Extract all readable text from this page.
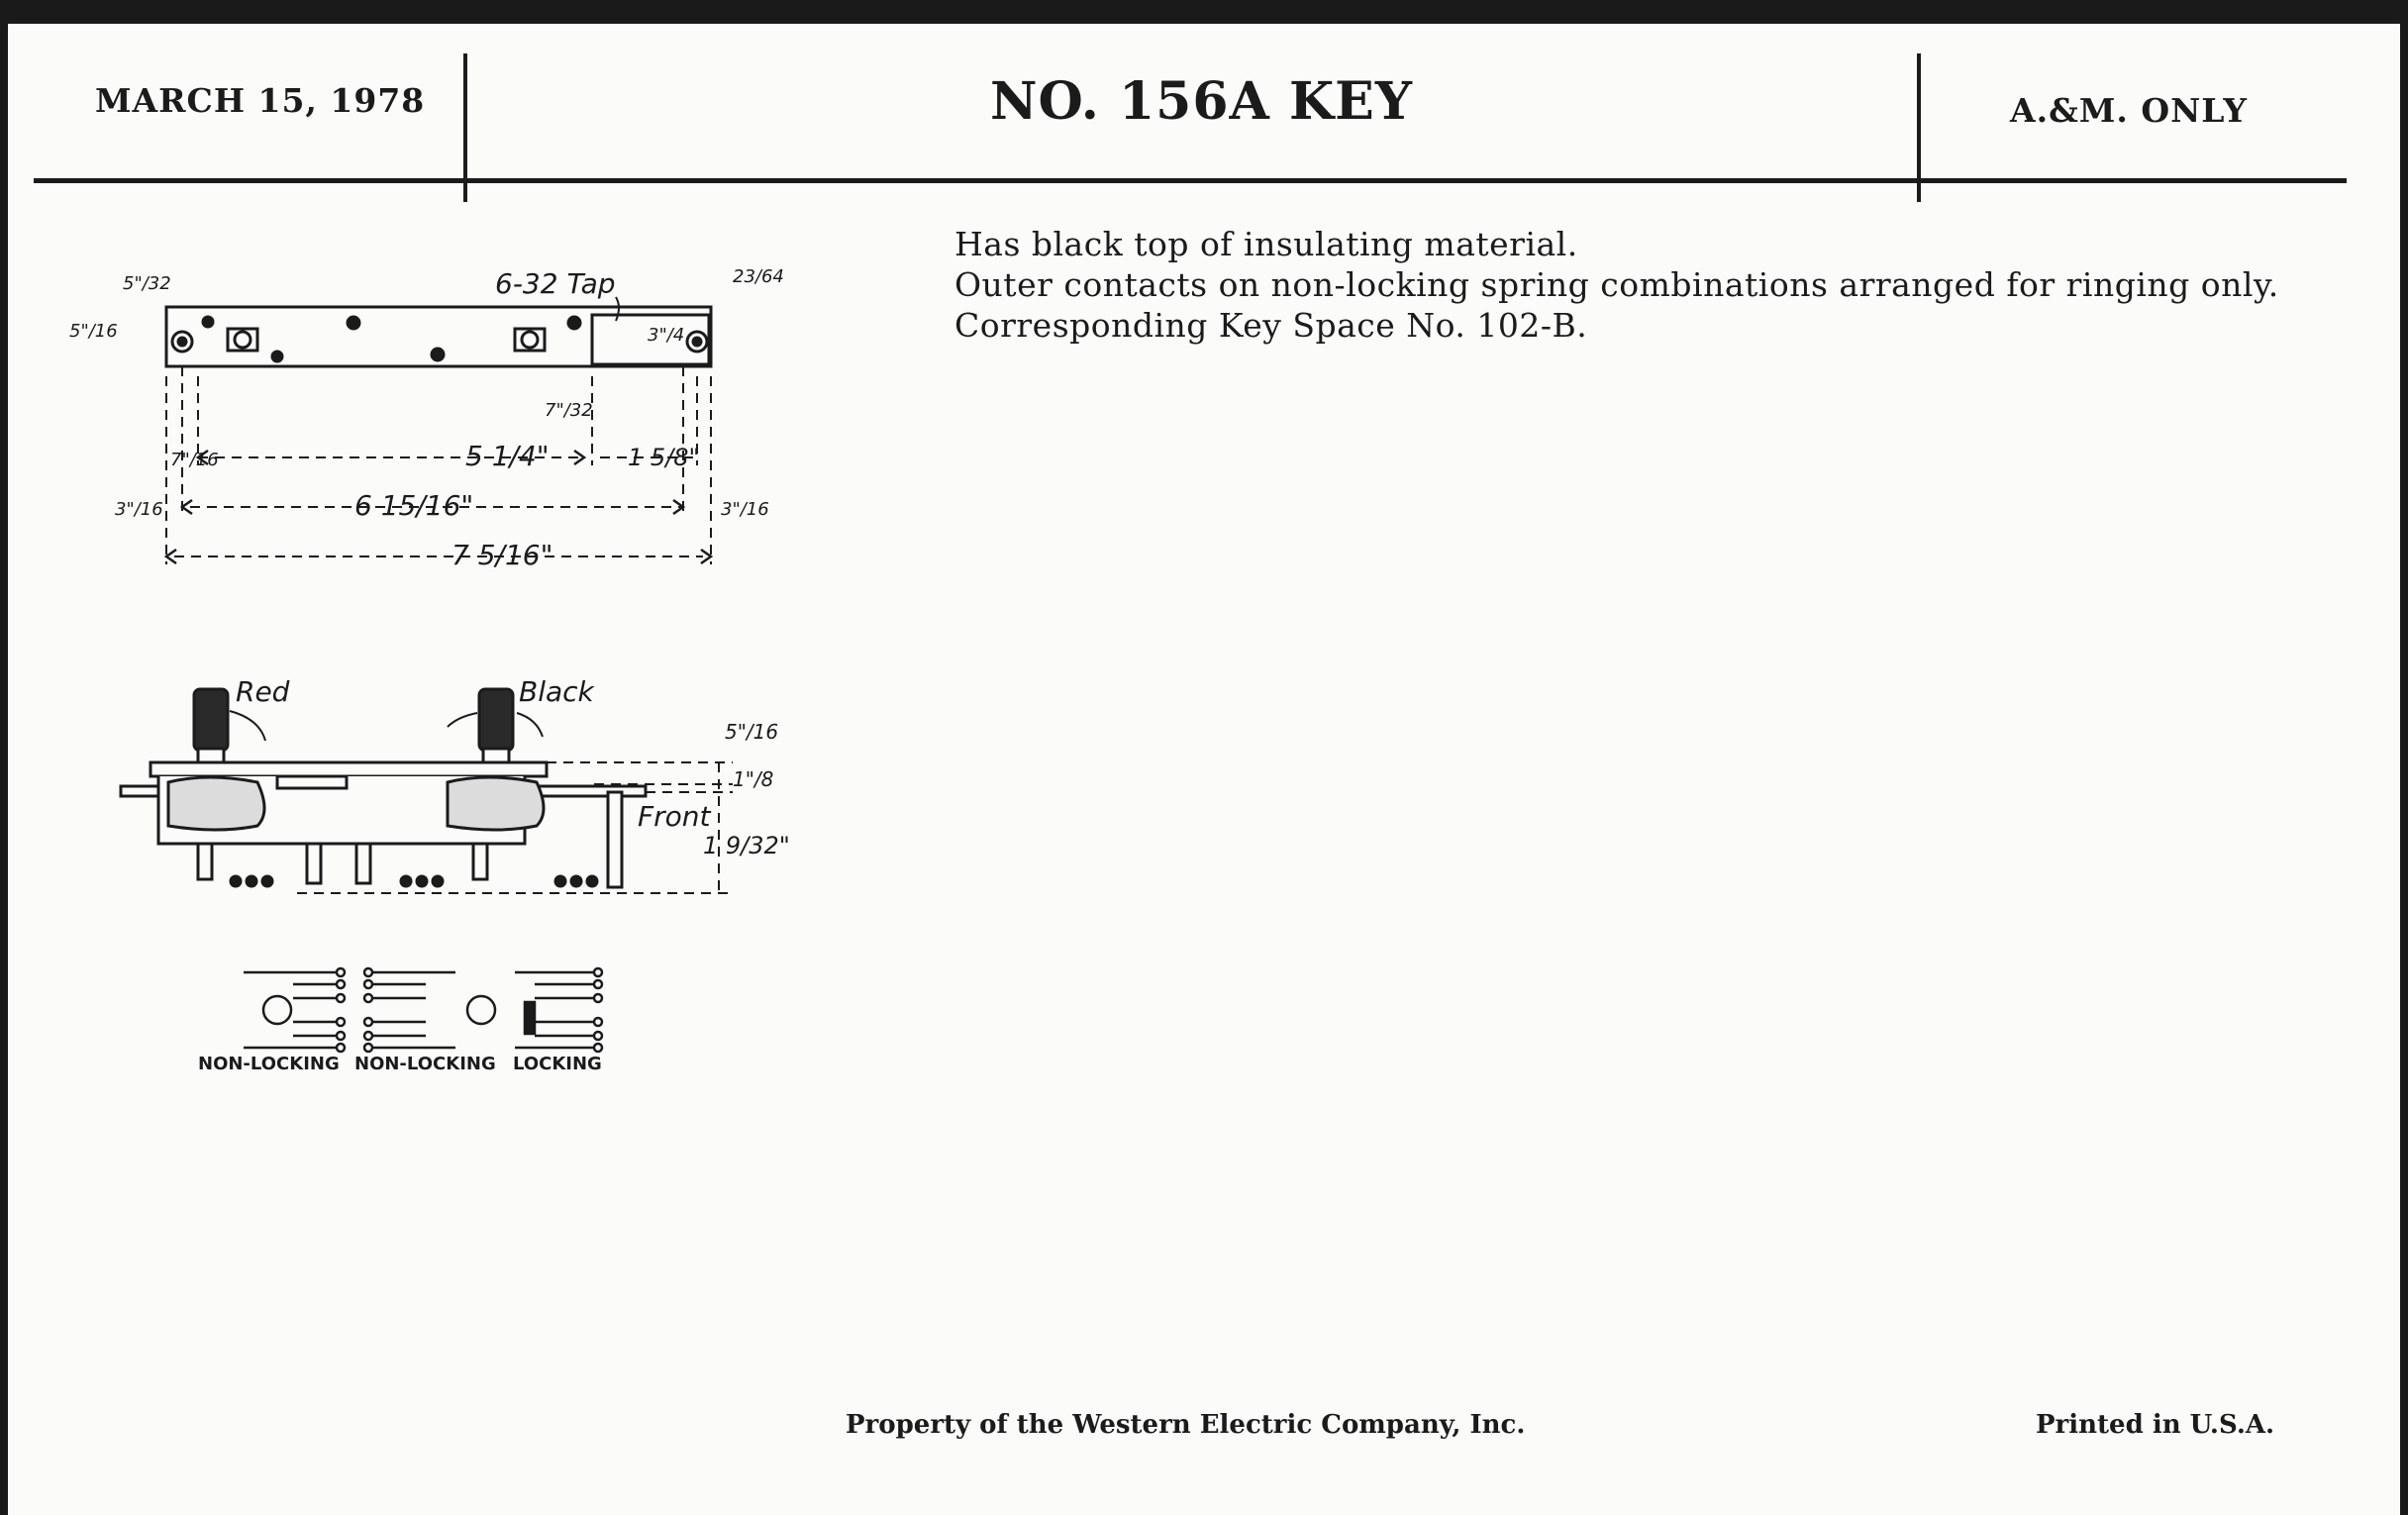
MARCH 15, 1978	NO. 156A KEY	A.&M. ONLY
Has black top of insulating material.
Outer contacts on non-locking spring combinations arranged for ringing only.
Corresponding Key Space No. 102-B.
6-32 Tap
5"/32
5"/16
23/64
3"/4
7"/32
7"/16	5 1/4"	1 5/8"
3"/16	6 15/16"	3"/16
7 5/16"
Red	Black
Front
5"/16
1"/8
1 9/32"
NON-LOCKING NON-LOCKING LOCKING
Property of the Western Electric Company, Inc.	Printed in U.S.A.
